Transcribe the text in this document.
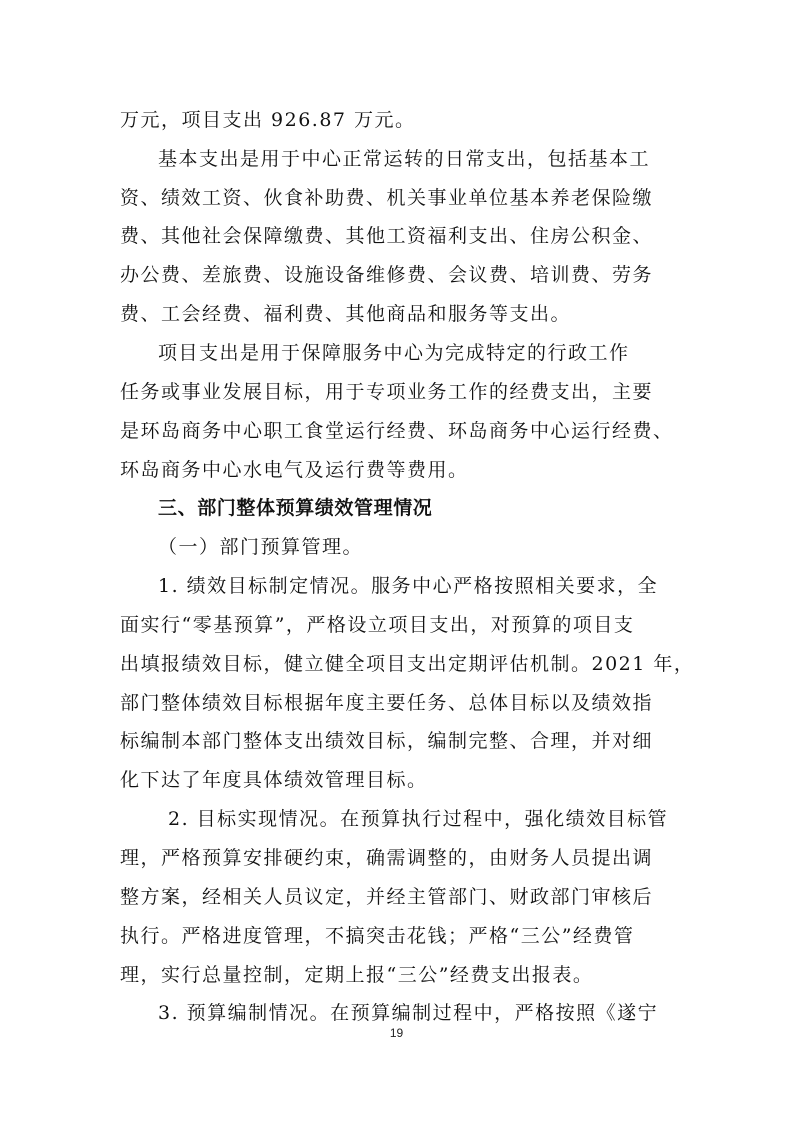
万元，项目支出 926.87 万元。
基本支出是用于中心正常运转的日常支出，包括基本工
资、绩效工资、伙食补助费、机关事业单位基本养老保险缴
费、其他社会保障缴费、其他工资福利支出、住房公积金、
办公费、差旅费、设施设备维修费、会议费、培训费、劳务
费、工会经费、福利费、其他商品和服务等支出。
项目支出是用于保障服务中心为完成特定的行政工作
任务或事业发展目标，用于专项业务工作的经费支出，主要
是环岛商务中心职工食堂运行经费、环岛商务中心运行经费、
环岛商务中心水电气及运行费等费用。
三、部门整体预算绩效管理情况
（一）部门预算管理。
1. 绩效目标制定情况。服务中心严格按照相关要求，全
面实行“零基预算”，严格设立项目支出，对预算的项目支
出填报绩效目标，健立健全项目支出定期评估机制。2021 年，
部门整体绩效目标根据年度主要任务、总体目标以及绩效指
标编制本部门整体支出绩效目标，编制完整、合理，并对细
化下达了年度具体绩效管理目标。
2. 目标实现情况。在预算执行过程中，强化绩效目标管
理，严格预算安排硬约束，确需调整的，由财务人员提出调
整方案，经相关人员议定，并经主管部门、财政部门审核后
执行。严格进度管理，不搞突击花钱；严格“三公”经费管
理，实行总量控制，定期上报“三公”经费支出报表。
3. 预算编制情况。在预算编制过程中，严格按照《遂宁
19
